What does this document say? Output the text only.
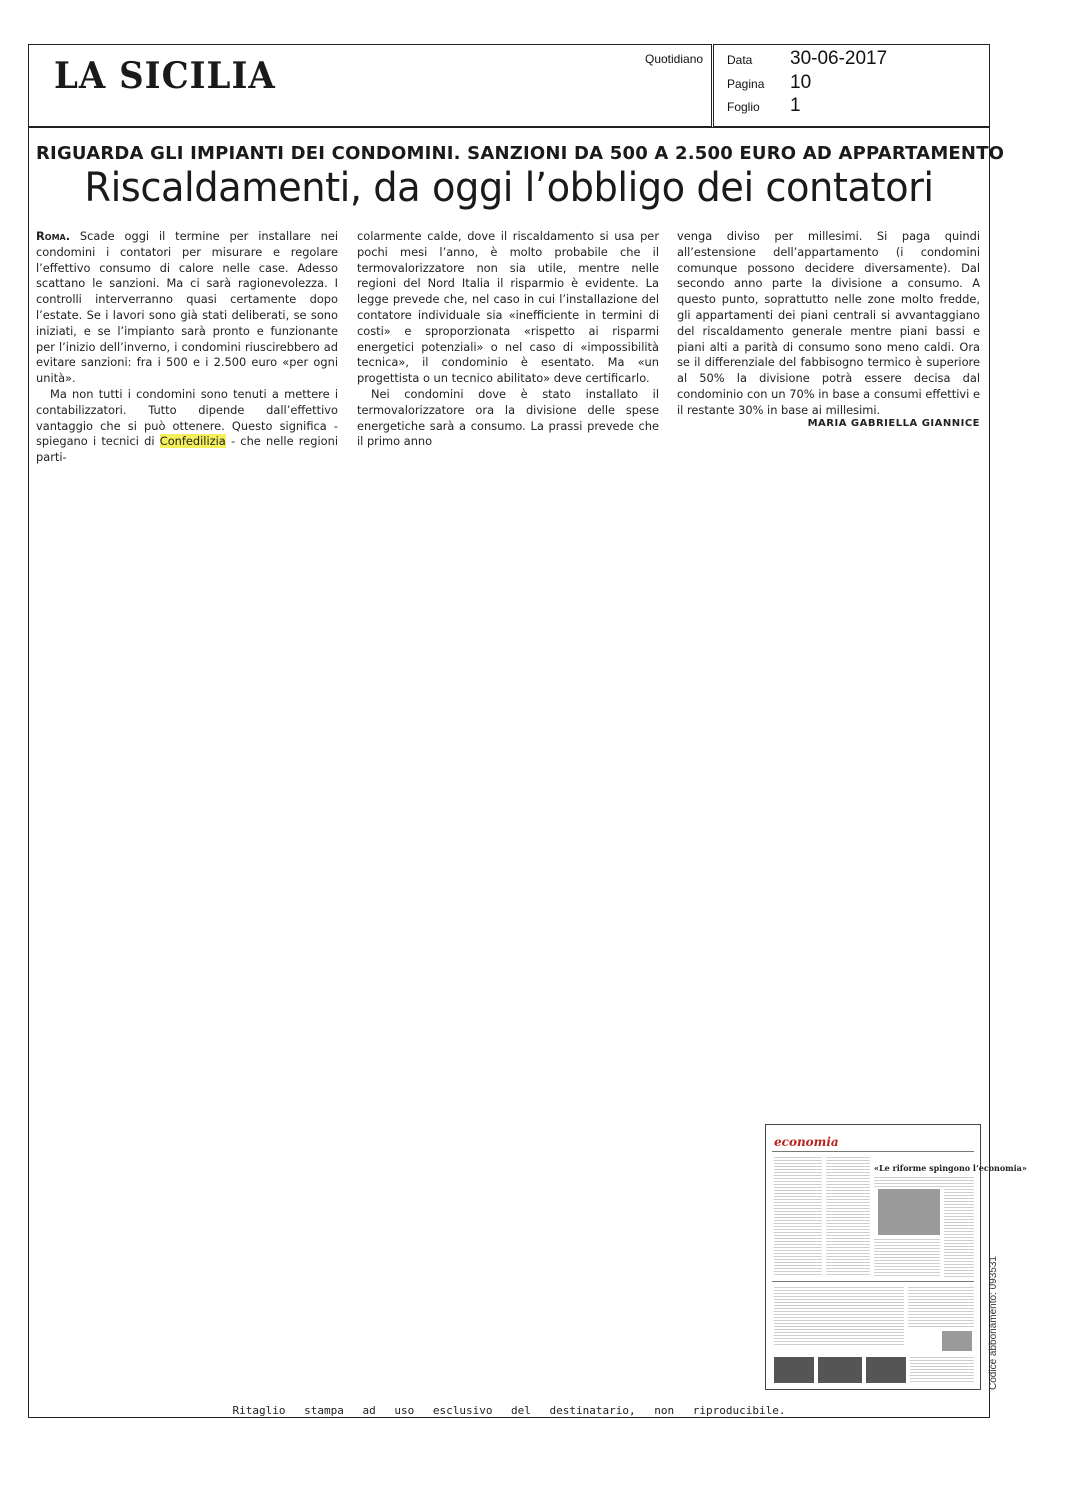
LA SICILIA	Quotidiano Data 30-06-2017
Pagina 10
Foglio 1
RIGUARDA GLI IMPIANTI DEI CONDOMINI. SANZIONI DA 500 A 2.500 EURO AD APPARTAMENTO
Riscaldamenti, da oggi l’obbligo dei contatori

Roma. Scade oggi il termine per installare nei condomini i contatori per misurare e regolare l’effettivo consumo di calore nelle case. Adesso scattano le sanzioni. Ma ci sarà ragionevolezza. I controlli interverranno quasi certamente dopo l’estate. Se i lavori sono già stati deliberati, se sono iniziati, e se l’impianto sarà pronto e funzionante per l’inizio dell’inverno, i condomini riuscirebbero ad evitare sanzioni: fra i 500 e i 2.500 euro «per ogni unità».

Ma non tutti i condomini sono tenuti a mettere i contabilizzatori. Tutto dipende dall’effettivo vantaggio che si può ottenere. Questo significa - spiegano i tecnici di Confedilizia - che nelle regioni parti-

colarmente calde, dove il riscaldamento si usa per pochi mesi l’anno, è molto probabile che il termovalorizzatore non sia utile, mentre nelle regioni del Nord Italia il risparmio è evidente. La legge prevede che, nel caso in cui l’installazione del contatore individuale sia «inefficiente in termini di costi» e sproporzionata «rispetto ai risparmi energetici potenziali» o nel caso di «impossibilità tecnica», il condominio è esentato. Ma «un progettista o un tecnico abilitato» deve certificarlo.

Nei condomini dove è stato installato il termovalorizzatore ora la divisione delle spese energetiche sarà a consumo. La prassi prevede che il primo anno

venga diviso per millesimi. Si paga quindi all’estensione dell’appartamento (i condomini comunque possono decidere diversamente). Dal secondo anno parte la divisione a consumo. A questo punto, soprattutto nelle zone molto fredde, gli appartamenti dei piani centrali si avvantaggiano del riscaldamento generale mentre piani bassi e piani alti a parità di consumo sono meno caldi. Ora se il differenziale del fabbisogno termico è superiore al 50% la divisione potrà essere decisa dal condominio con un 70% in base a consumi effettivi e il restante 30% in base ai millesimi.

MARIA GABRIELLA GIANNICE
economia
«Le riforme spingono l’economia»
Codice abbonamento: 093531
Ritaglio stampa ad uso esclusivo del destinatario, non riproducibile.
